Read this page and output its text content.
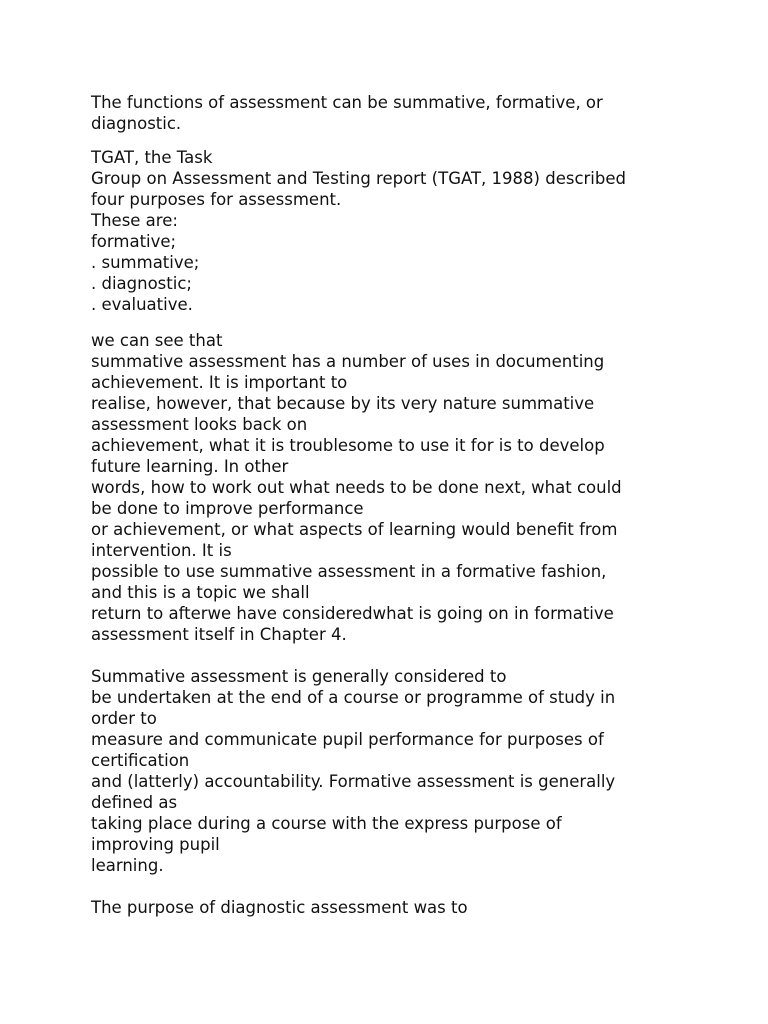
The functions of assessment can be summative, formative, or
diagnostic.
TGAT, the Task
Group on Assessment and Testing report (TGAT, 1988) described
four purposes for assessment.
These are:
formative;
. summative;
. diagnostic;
. evaluative.
we can see that
summative assessment has a number of uses in documenting
achievement. It is important to
realise, however, that because by its very nature summative
assessment looks back on
achievement, what it is troublesome to use it for is to develop
future learning. In other
words, how to work out what needs to be done next, what could
be done to improve performance
or achievement, or what aspects of learning would benefit from
intervention. It is
possible to use summative assessment in a formative fashion,
and this is a topic we shall
return to afterwe have consideredwhat is going on in formative
assessment itself in Chapter 4.
Summative assessment is generally considered to
be undertaken at the end of a course or programme of study in
order to
measure and communicate pupil performance for purposes of
certification
and (latterly) accountability. Formative assessment is generally
defined as
taking place during a course with the express purpose of
improving pupil
learning.
The purpose of diagnostic assessment was to
